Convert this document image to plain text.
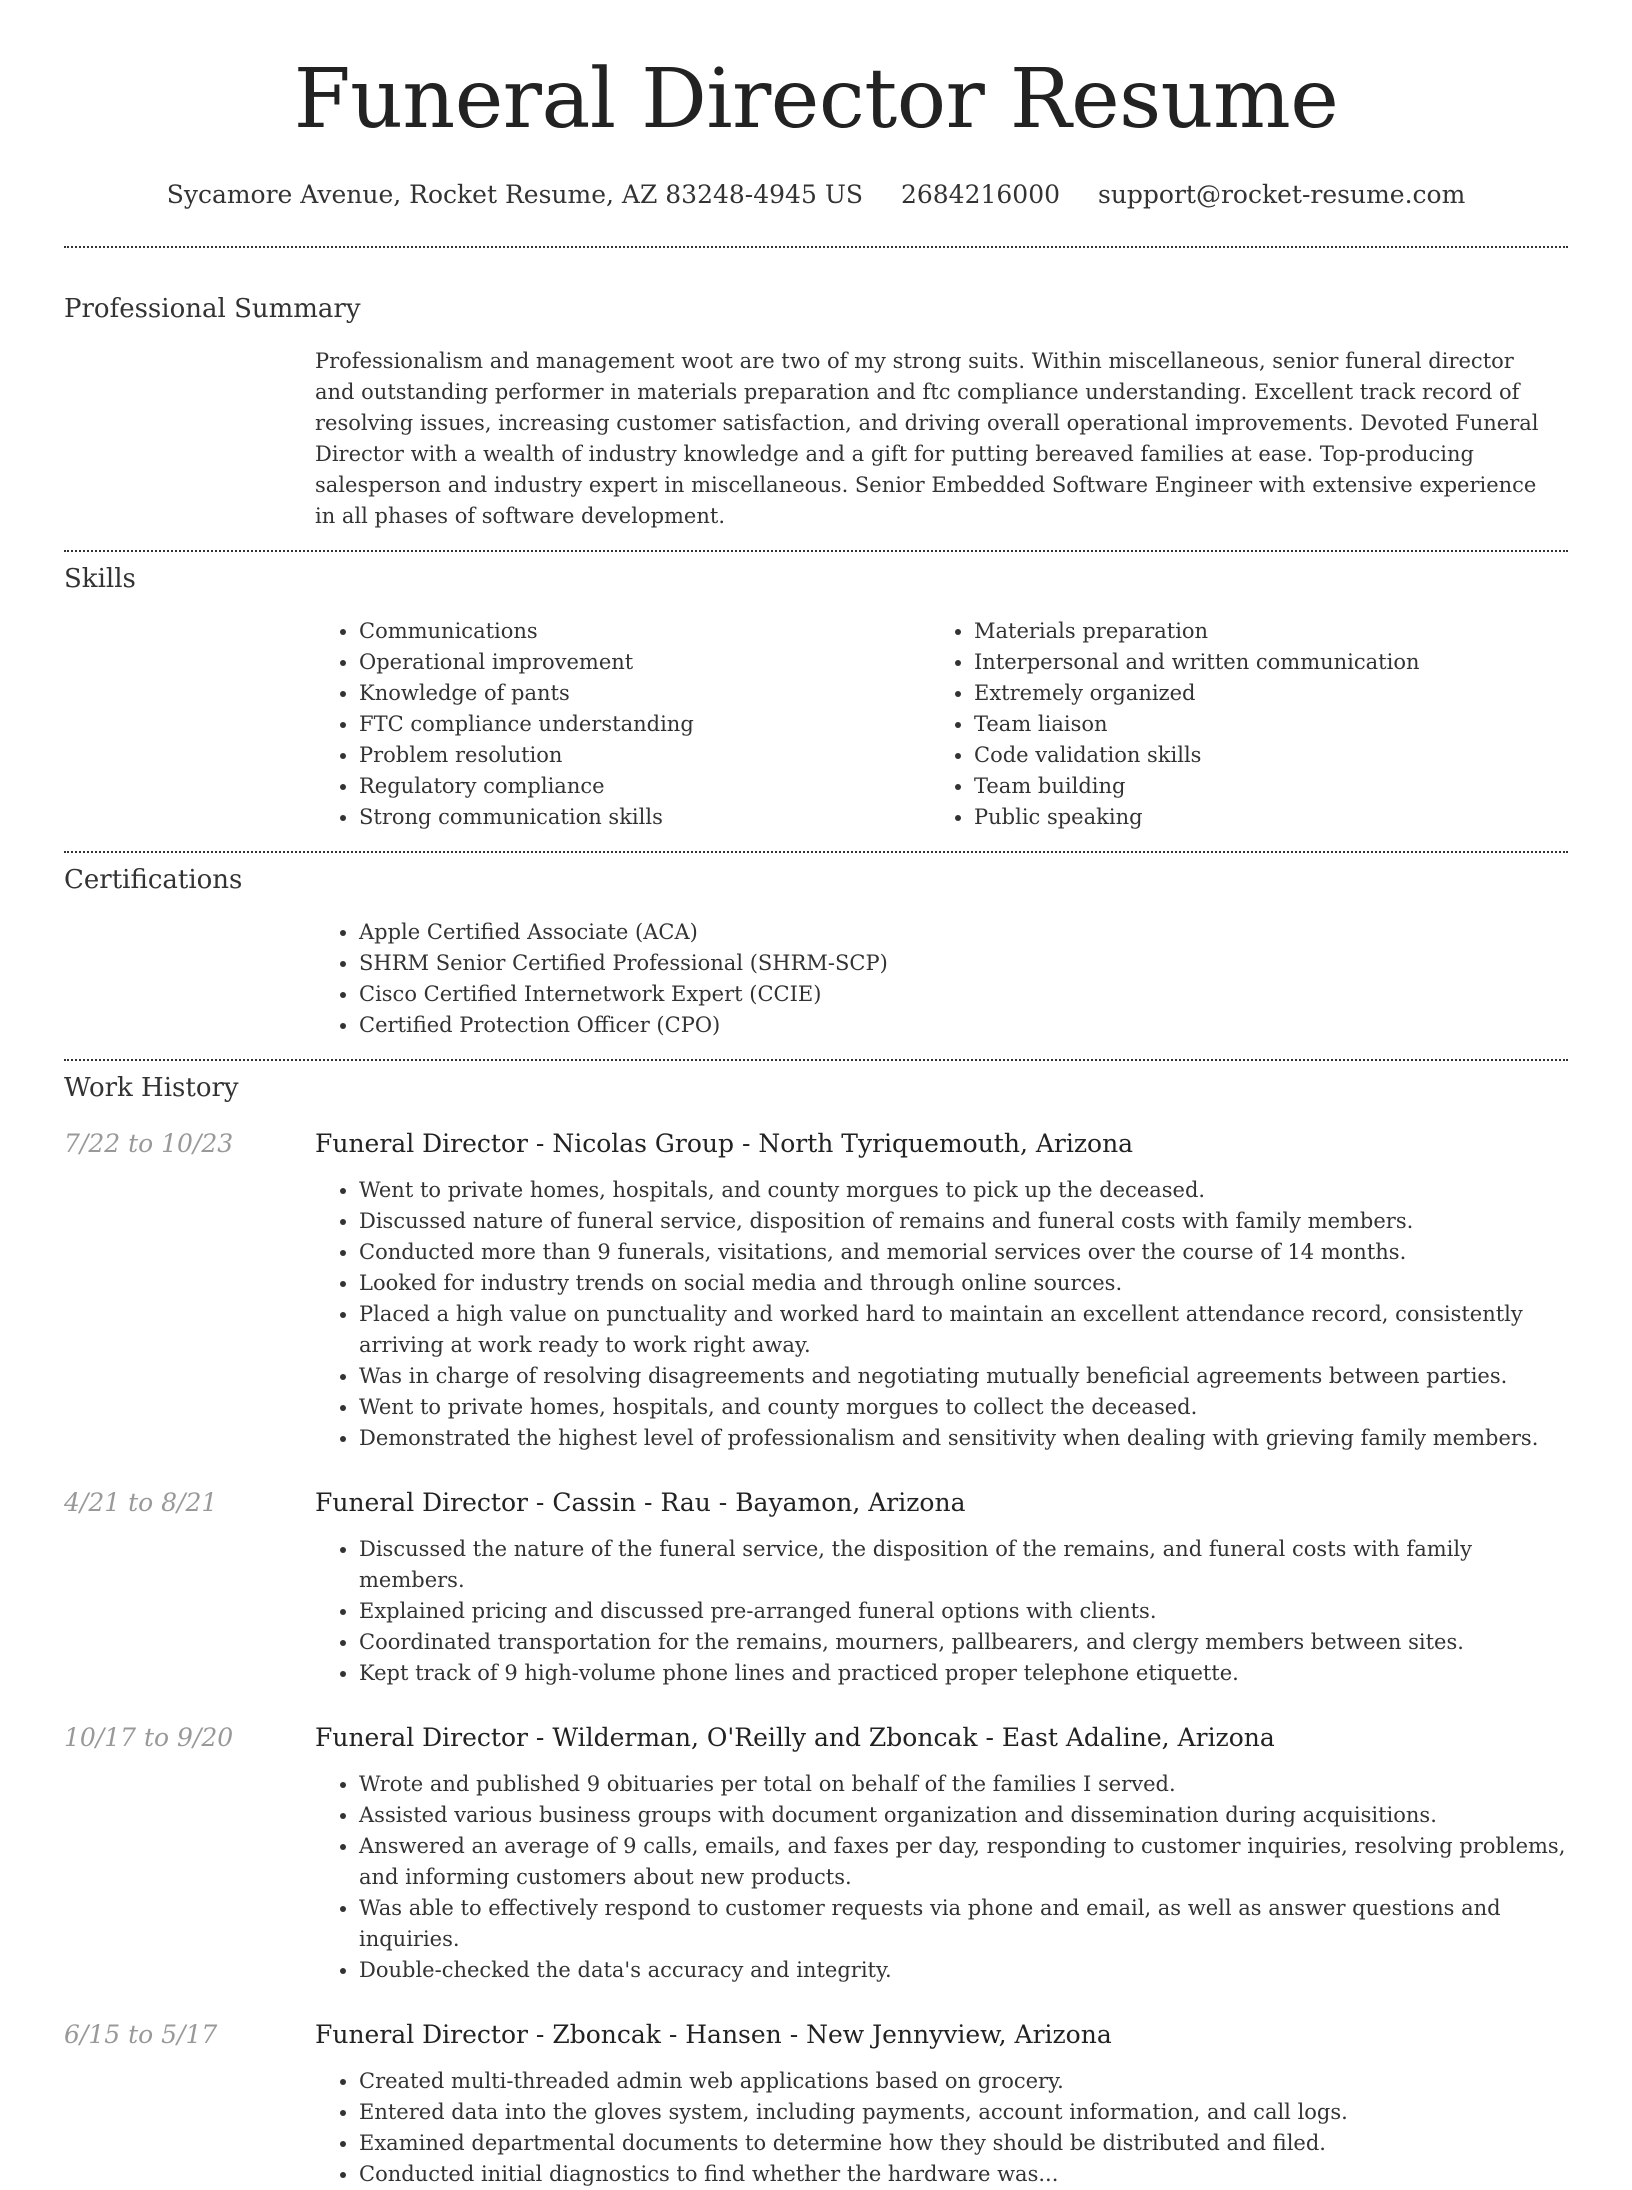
Funeral Director Resume
Sycamore Avenue, Rocket Resume, AZ 83248-4945 US 2684216000 support@rocket-resume.com
Professional Summary
Professionalism and management woot are two of my strong suits. Within miscellaneous, senior funeral director and outstanding performer in materials preparation and ftc compliance understanding. Excellent track record of resolving issues, increasing customer satisfaction, and driving overall operational improvements. Devoted Funeral Director with a wealth of industry knowledge and a gift for putting bereaved families at ease. Top-producing salesperson and industry expert in miscellaneous. Senior Embedded Software Engineer with extensive experience in all phases of software development.
Skills
• Communications
• Operational improvement
• Knowledge of pants
• FTC compliance understanding
• Problem resolution
• Regulatory compliance
• Strong communication skills
• Materials preparation
• Interpersonal and written communication
• Extremely organized
• Team liaison
• Code validation skills
• Team building
• Public speaking
Certifications
• Apple Certified Associate (ACA)
• SHRM Senior Certified Professional (SHRM-SCP)
• Cisco Certified Internetwork Expert (CCIE)
• Certified Protection Officer (CPO)
Work History
7/22 to 10/23	Funeral Director - Nicolas Group - North Tyriquemouth, Arizona
• Went to private homes, hospitals, and county morgues to pick up the deceased.
• Discussed nature of funeral service, disposition of remains and funeral costs with family members.
• Conducted more than 9 funerals, visitations, and memorial services over the course of 14 months.
• Looked for industry trends on social media and through online sources.
• Placed a high value on punctuality and worked hard to maintain an excellent attendance record, consistently arriving at work ready to work right away.
• Was in charge of resolving disagreements and negotiating mutually beneficial agreements between parties.
• Went to private homes, hospitals, and county morgues to collect the deceased.
• Demonstrated the highest level of professionalism and sensitivity when dealing with grieving family members.
4/21 to 8/21	Funeral Director - Cassin - Rau - Bayamon, Arizona
• Discussed the nature of the funeral service, the disposition of the remains, and funeral costs with family members.
• Explained pricing and discussed pre-arranged funeral options with clients.
• Coordinated transportation for the remains, mourners, pallbearers, and clergy members between sites.
• Kept track of 9 high-volume phone lines and practiced proper telephone etiquette.
10/17 to 9/20	Funeral Director - Wilderman, O'Reilly and Zboncak - East Adaline, Arizona
• Wrote and published 9 obituaries per total on behalf of the families I served.
• Assisted various business groups with document organization and dissemination during acquisitions.
• Answered an average of 9 calls, emails, and faxes per day, responding to customer inquiries, resolving problems, and informing customers about new products.
• Was able to effectively respond to customer requests via phone and email, as well as answer questions and inquiries.
• Double-checked the data's accuracy and integrity.
6/15 to 5/17	Funeral Director - Zboncak - Hansen - New Jennyview, Arizona
• Created multi-threaded admin web applications based on grocery.
• Entered data into the gloves system, including payments, account information, and call logs.
• Examined departmental documents to determine how they should be distributed and filed.
• Conducted initial diagnostics to find whether the hardware was...
